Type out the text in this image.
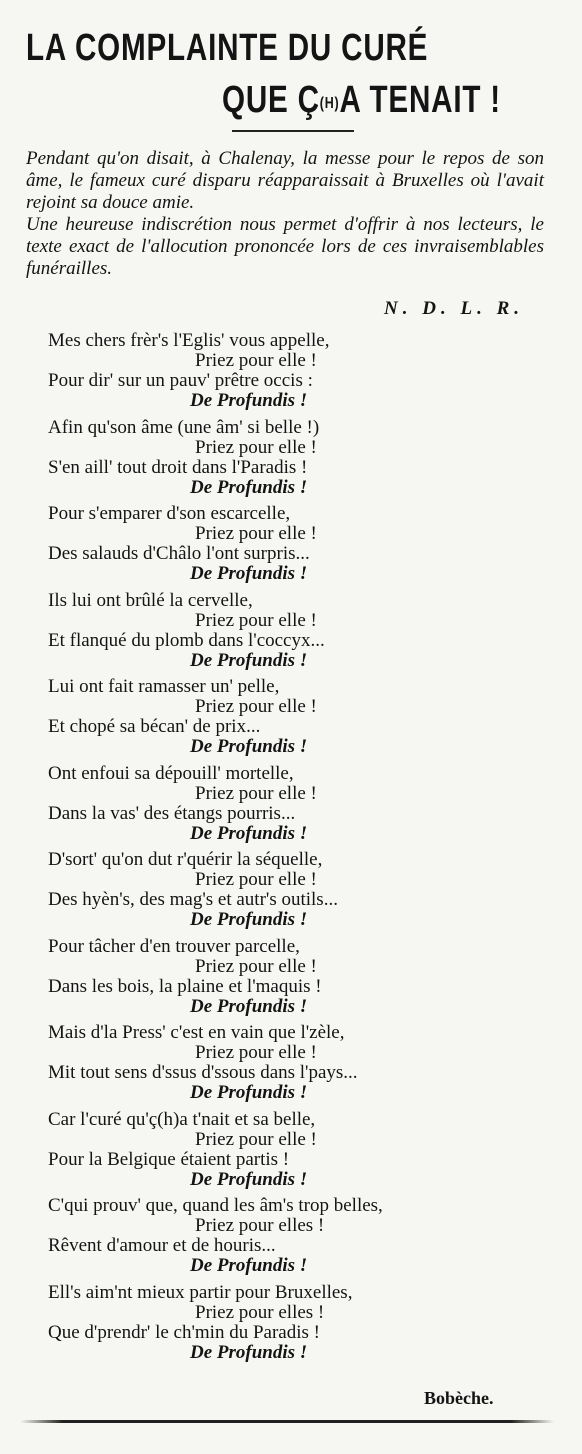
LA COMPLAINTE DU CURÉ
QUE $Ç^{(H)}A$ TENAIT !

Pendant qu'on disait, à Chalenay, la messe pour le repos de son âme, le fameux curé disparu réapparaissait à Bruxelles où l'avait rejoint sa douce amie.

Une heureuse indiscrétion nous permet d'offrir à nos lecteurs, le texte exact de l'allocution prononcée lors de ces invraisemblables funérailles.

N. D. L. R.
Mes chers frèr's l'Eglis' vous appelle,
Priez pour elle !
Pour dir' sur un pauv' prêtre occis :
De Profundis !
Afin qu'son âme (une âm' si belle !)
Priez pour elle !
S'en aill' tout droit dans l'Paradis !
De Profundis !
Pour s'emparer d'son escarcelle,
Priez pour elle !
Des salauds d'Châlo l'ont surpris...
De Profundis !
Ils lui ont brûlé la cervelle,
Priez pour elle !
Et flanqué du plomb dans l'coccyx...
De Profundis !
Lui ont fait ramasser un' pelle,
Priez pour elle !
Et chopé sa bécan' de prix...
De Profundis !
Ont enfoui sa dépouill' mortelle,
Priez pour elle !
Dans la vas' des étangs pourris...
De Profundis !
D'sort' qu'on dut r'quérir la séquelle,
Priez pour elle !
Des hyèn's, des mag's et autr's outils...
De Profundis !
Pour tâcher d'en trouver parcelle,
Priez pour elle !
Dans les bois, la plaine et l'maquis !
De Profundis !
Mais d'la Press' c'est en vain que l'zèle,
Priez pour elle !
Mit tout sens d'ssus d'ssous dans l'pays...
De Profundis !
Car l'curé qu'ç(h)a t'nait et sa belle,
Priez pour elle !
Pour la Belgique étaient partis !
De Profundis !
C'qui prouv' que, quand les âm's trop belles,
Priez pour elles !
Rêvent d'amour et de houris...
De Profundis !
Ell's aim'nt mieux partir pour Bruxelles,
Priez pour elles !
Que d'prendr' le ch'min du Paradis !
De Profundis !
Bobèche.
